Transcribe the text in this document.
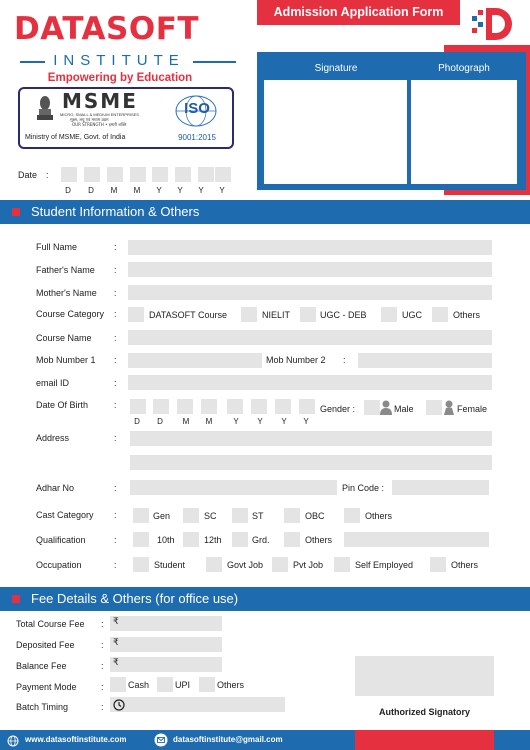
DATASOFT
INSTITUTE
Empowering by Education
MSME
MICRO, SMALL & MEDIUM ENTERPRISES
सूक्ष्म, लघु एवं मध्यम उद्यम
OUR STRENGTH • हमारी शक्ति
Ministry of MSME, Govt. of India
ISO
9001:2015
Admission Application Form
Signature	Photograph
Date :
D	D	M	M	Y	Y	Y	Y
Student Information & Others
Full Name	:
Father's Name :
Mother's Name :
Course Category :	DATASOFT Course	NIELIT	UGC - DEB	UGC	Others
Course Name :
Mob Number 1 :	Mob Number 2 :
email ID	:
Date Of Birth	:
D	D	M	M	Y	Y	Y	Y
Gender :	Male	Female
Address	:
Adhar No	:	Pin Code :
Cast Category :	Gen	SC	ST	OBC	Others
Qualification	:	10th	12th	Grd.	Others
Occupation	:	Student	Govt Job	Pvt Job	Self Employed	Others
Fee Details & Others (for office use)
Total Course Fee : ₹
Deposited Fee	: ₹
Balance Fee	: ₹
Payment Mode	:	Cash	UPI	Others
Batch Timing	:	Authorized Signatory
www.datasoftinstitute.com	datasoftinstitute@gmail.com
